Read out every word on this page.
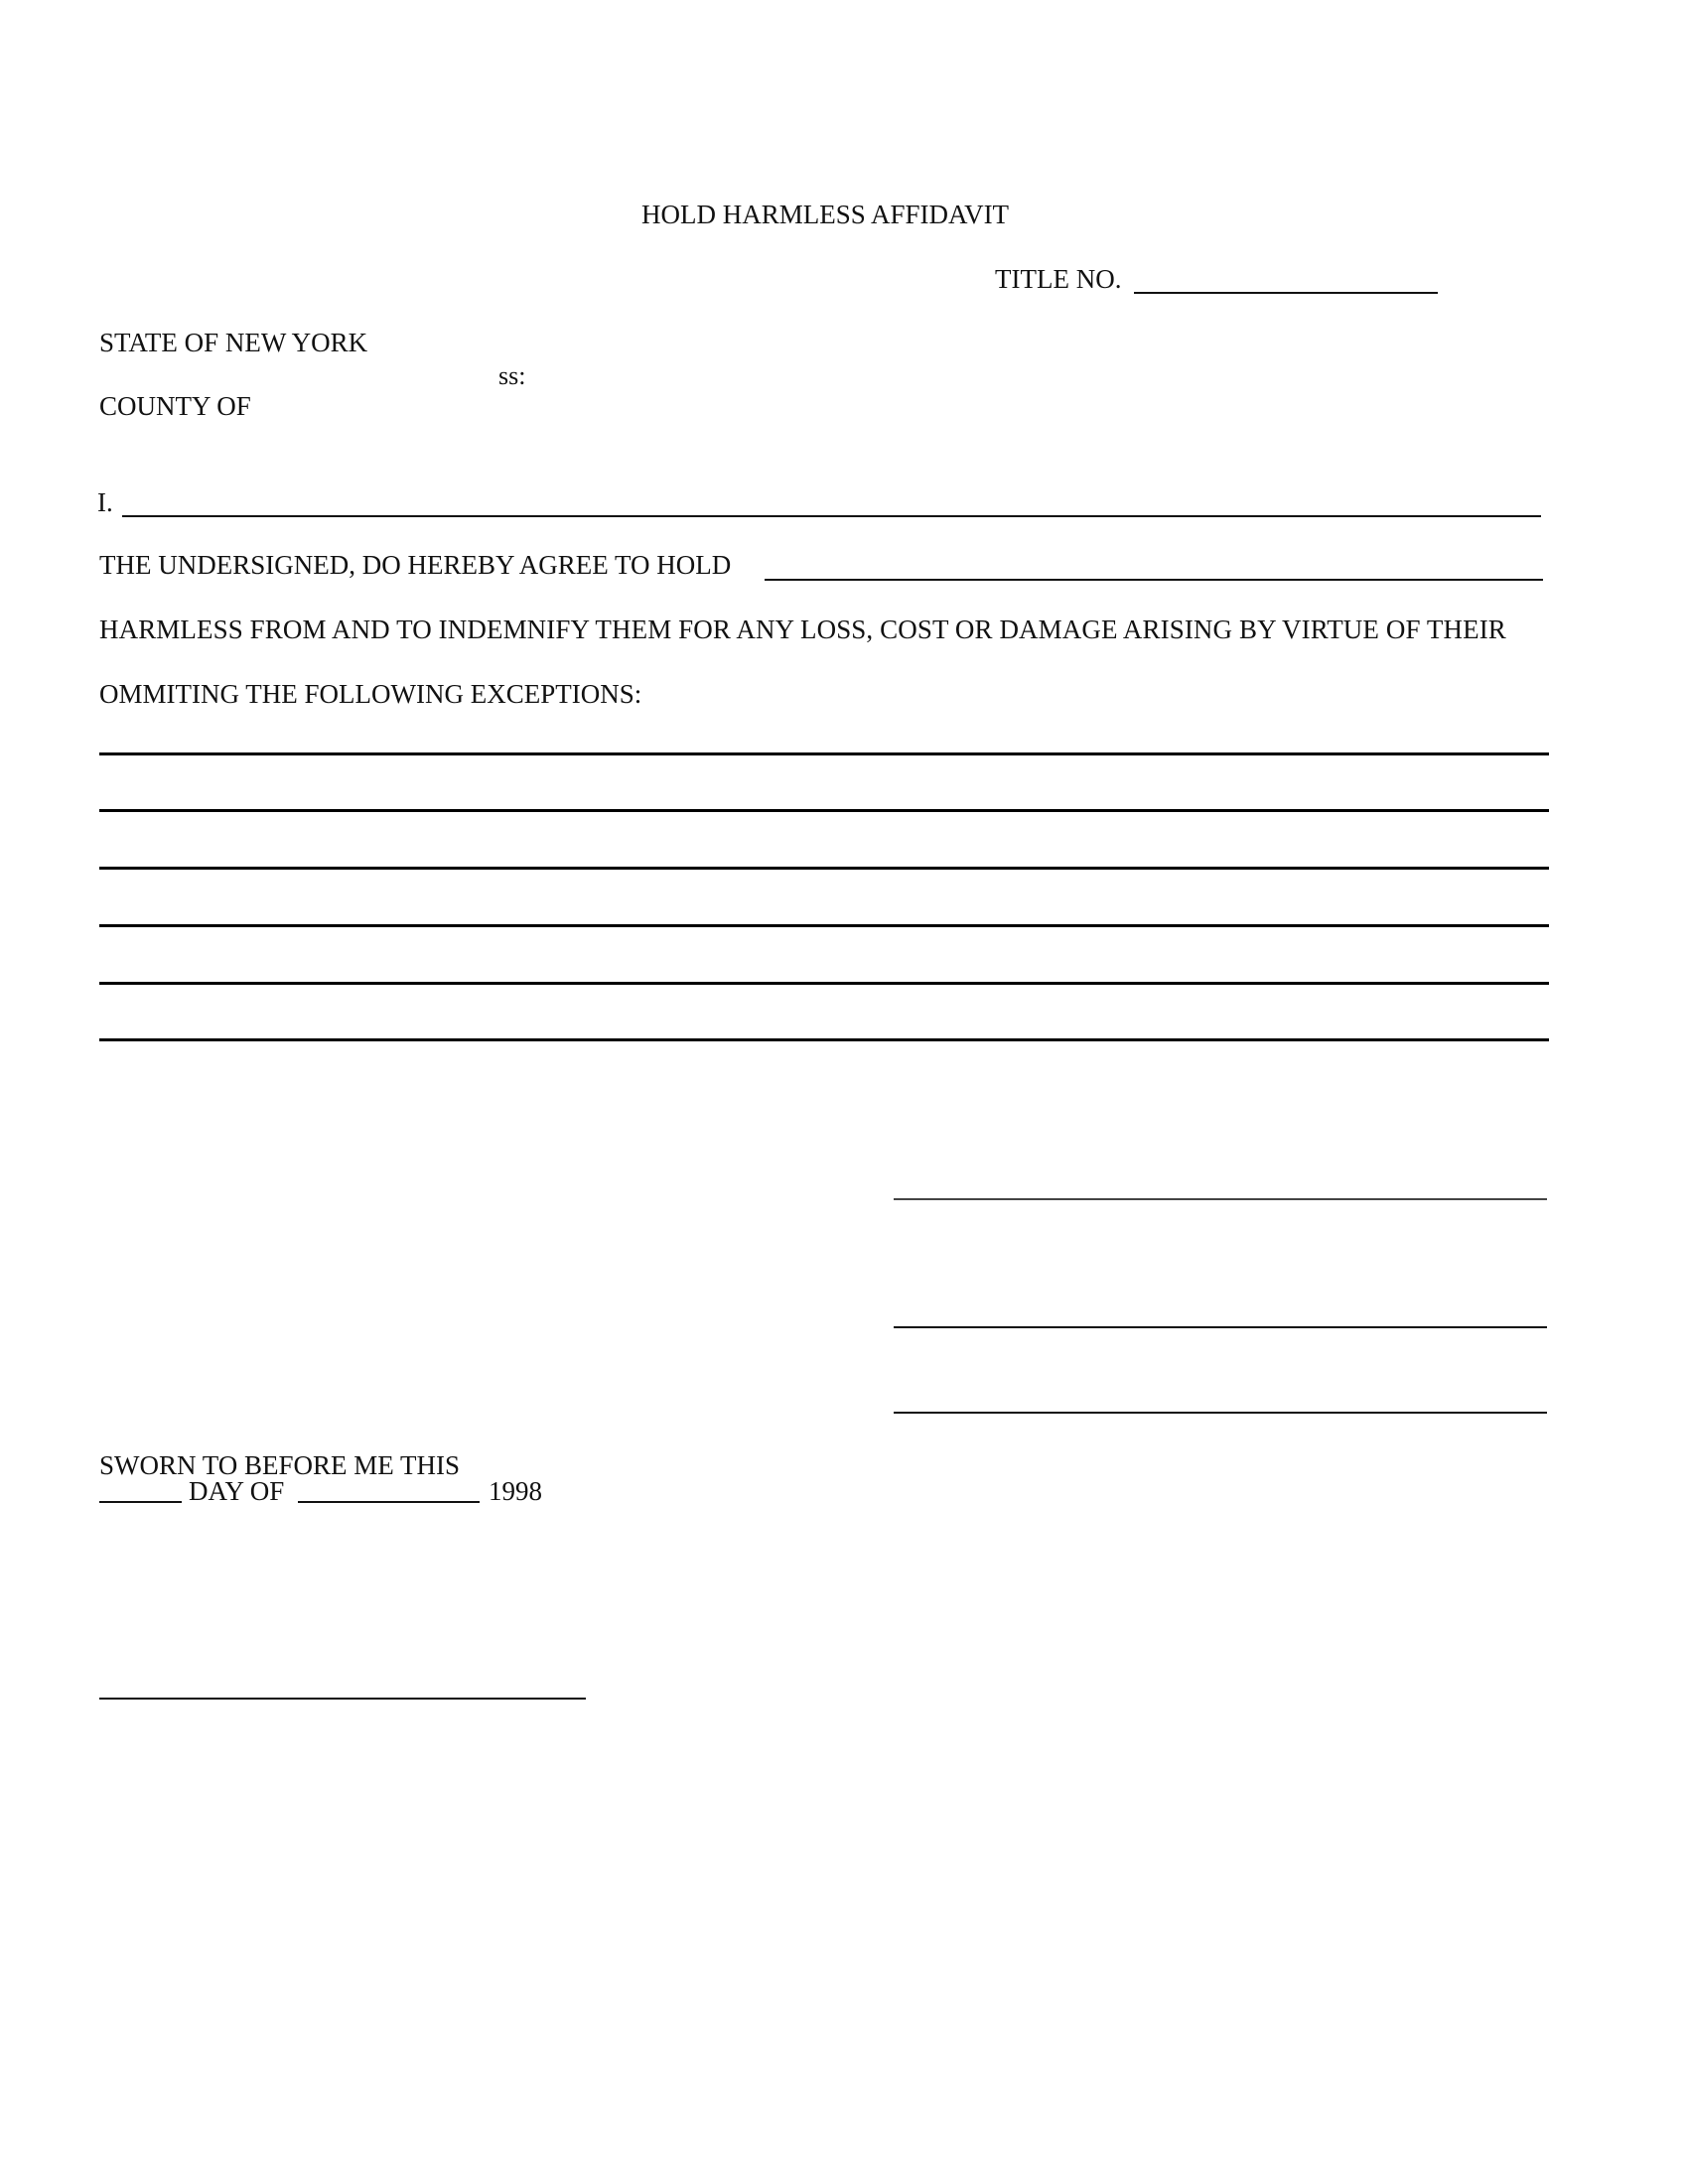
HOLD HARMLESS AFFIDAVIT
TITLE NO.
STATE OF NEW YORK
ss:
COUNTY OF
I.
THE UNDERSIGNED, DO HEREBY AGREE TO HOLD
HARMLESS FROM AND TO INDEMNIFY THEM FOR ANY LOSS, COST OR DAMAGE ARISING BY VIRTUE OF THEIR
OMMITING THE FOLLOWING EXCEPTIONS:
SWORN TO BEFORE ME THIS
DAY OF	1998
